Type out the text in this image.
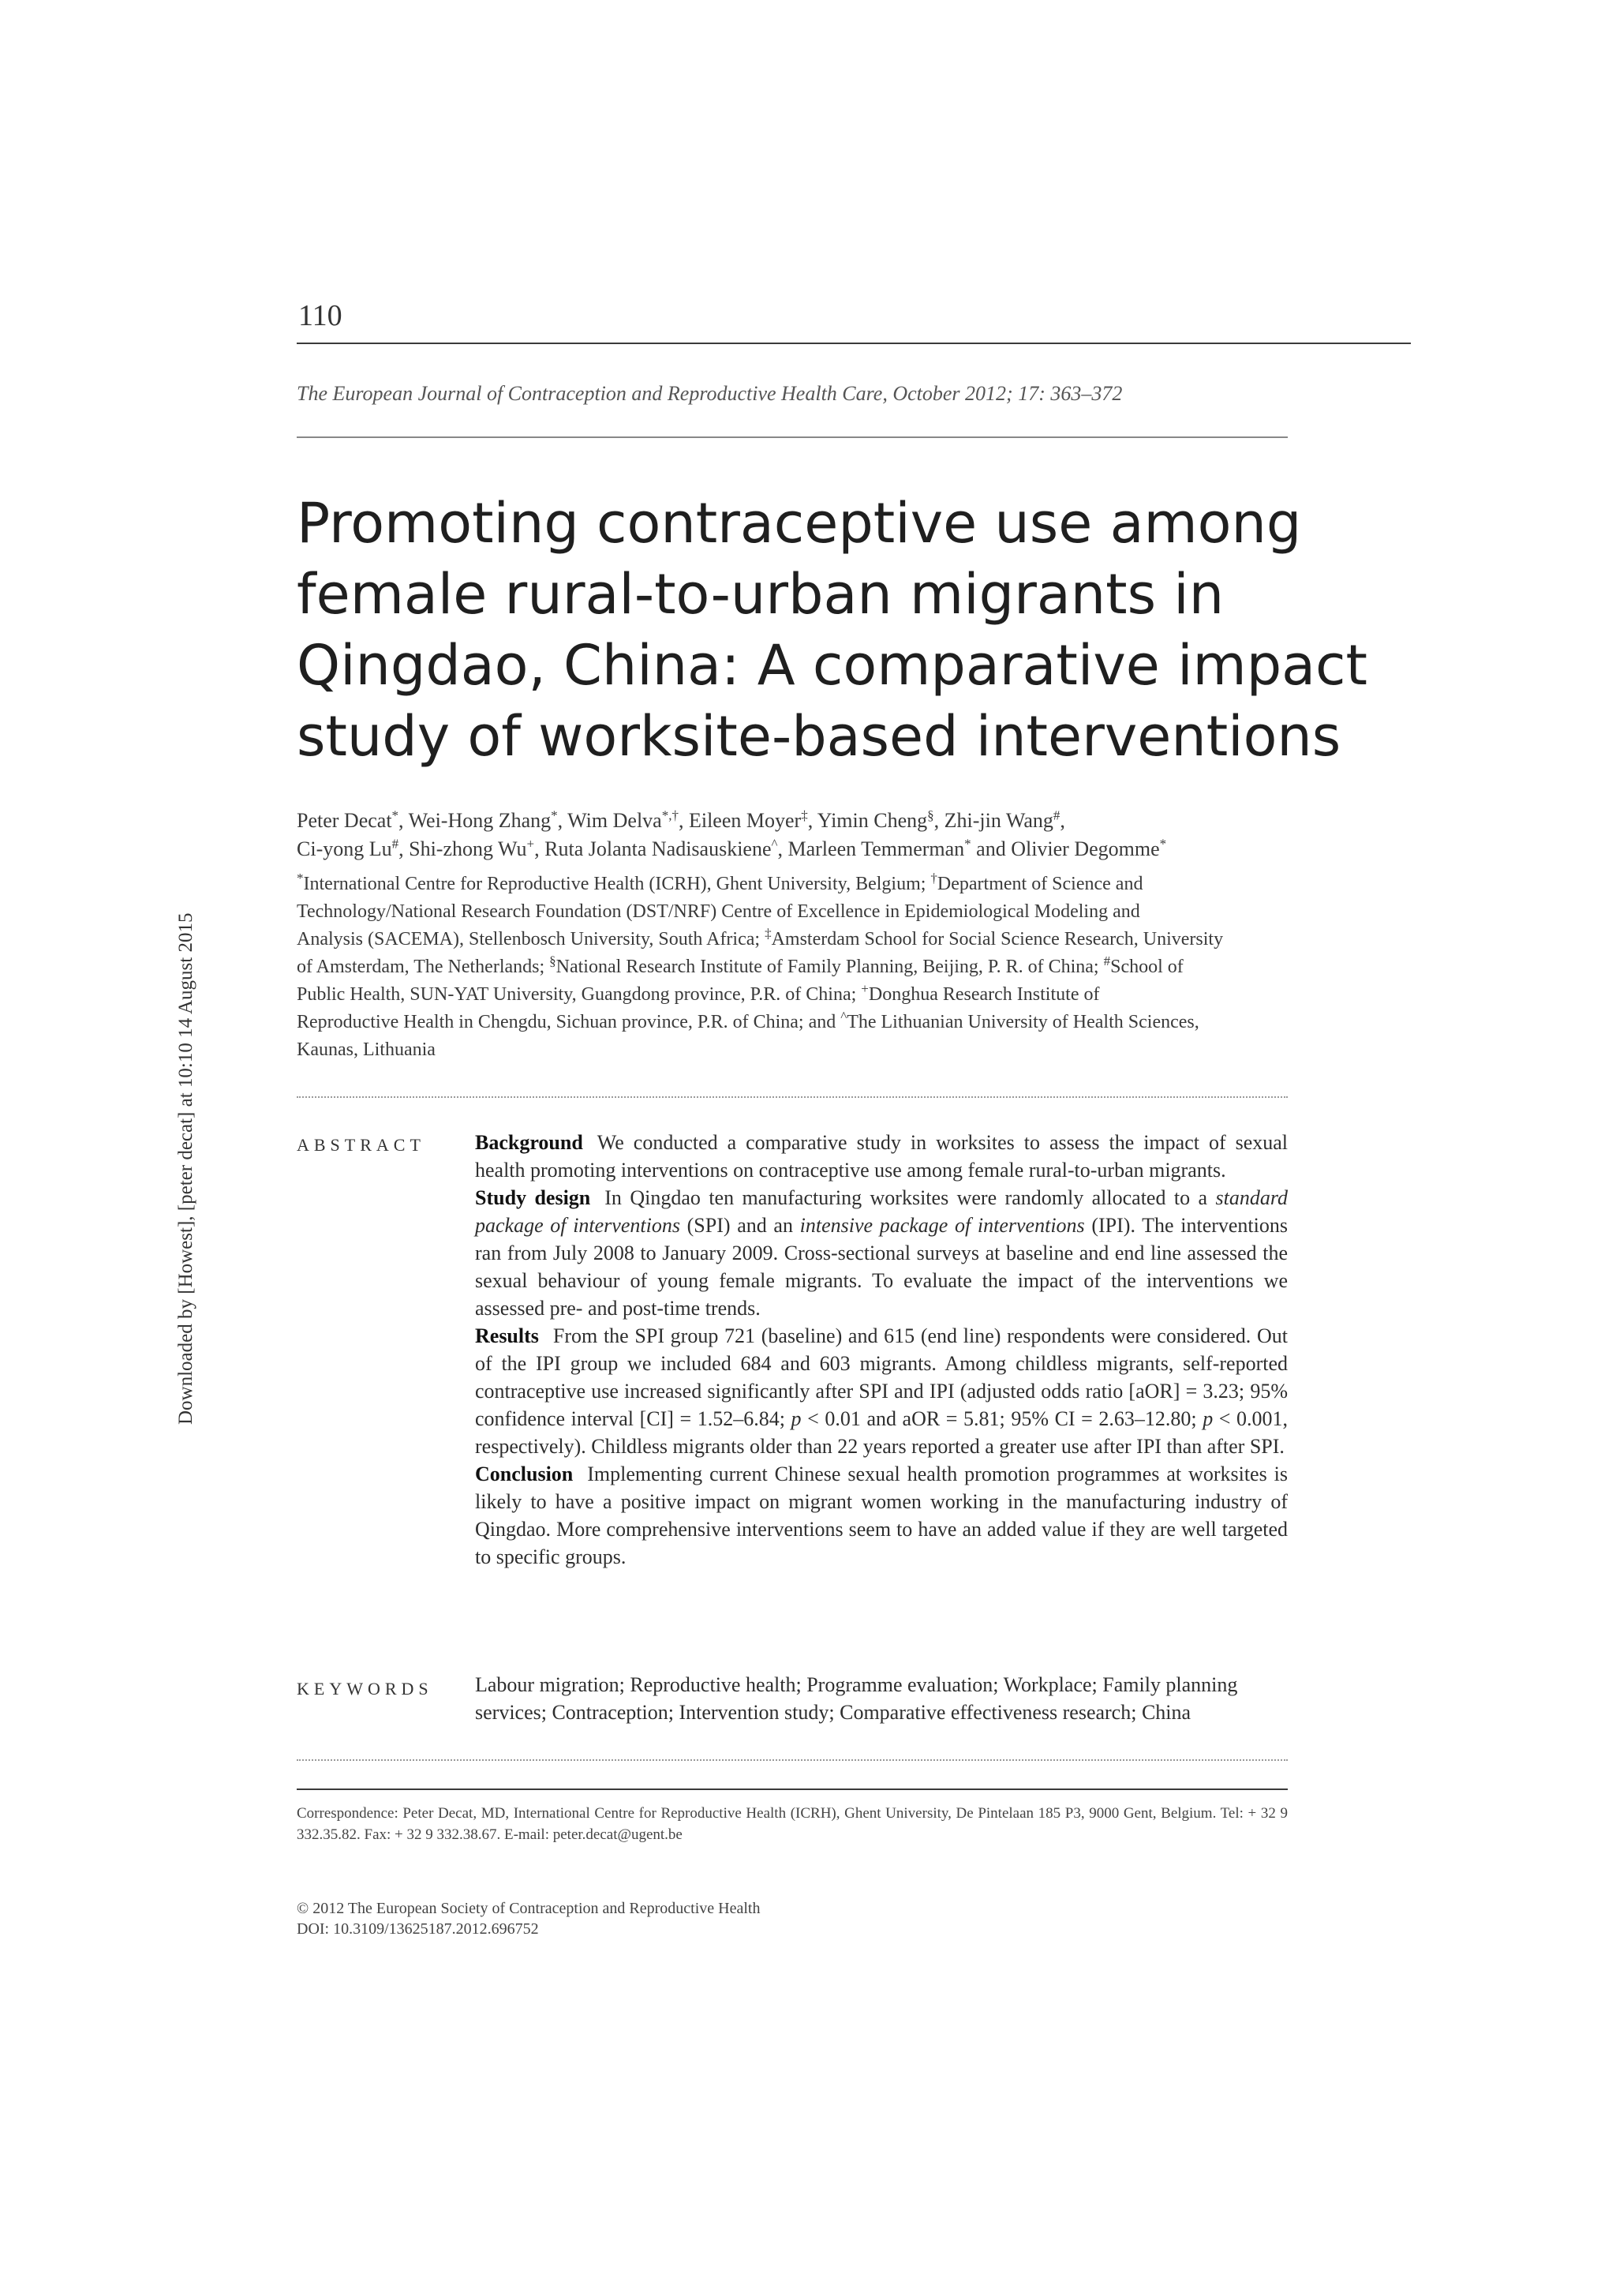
110
The European Journal of Contraception and Reproductive Health Care, October 2012; 17: 363–372
Promoting contraceptive use among
female rural-to-urban migrants in
Qingdao, China: A comparative impact
study of worksite-based interventions
Peter Decat*, Wei-Hong Zhang*, Wim Delva*,†, Eileen Moyer‡, Yimin Cheng§, Zhi-jin Wang#,
Ci-yong Lu#, Shi-zhong Wu+, Ruta Jolanta Nadisauskiene^, Marleen Temmerman* and Olivier Degomme*
*International Centre for Reproductive Health (ICRH), Ghent University, Belgium; †Department of Science and
Technology/National Research Foundation (DST/NRF) Centre of Excellence in Epidemiological Modeling and
Analysis (SACEMA), Stellenbosch University, South Africa; ‡Amsterdam School for Social Science Research, University
of Amsterdam, The Netherlands; §National Research Institute of Family Planning, Beijing, P. R. of China; #School of
Public Health, SUN-YAT University, Guangdong province, P.R. of China; +Donghua Research Institute of
Reproductive Health in Chengdu, Sichuan province, P.R. of China; and ^The Lithuanian University of Health Sciences,
Kaunas, Lithuania
ABSTRACT Background We conducted a comparative study in worksites to assess the impact of sexual health promoting interventions on contraceptive use among female rural-to-urban migrants.

Study design In Qingdao ten manufacturing worksites were randomly allocated to a standard package of interventions (SPI) and an intensive package of interventions (IPI). The interventions ran from July 2008 to January 2009. Cross-sectional surveys at baseline and end line assessed the sexual behaviour of young female migrants. To evaluate the impact of the interventions we assessed pre- and post-time trends.

Results From the SPI group 721 (baseline) and 615 (end line) respondents were considered. Out of the IPI group we included 684 and 603 migrants. Among childless migrants, self-reported contraceptive use increased significantly after SPI and IPI (adjusted odds ratio [aOR] = 3.23; 95% confidence interval [CI] = 1.52–6.84; p < 0.01 and aOR = 5.81; 95% CI = 2.63–12.80; p < 0.001, respectively). Childless migrants older than 22 years reported a greater use after IPI than after SPI.

Conclusion Implementing current Chinese sexual health promotion programmes at worksites is likely to have a positive impact on migrant women working in the manufacturing industry of Qingdao. More comprehensive interventions seem to have an added value if they are well targeted to specific groups.

KEYWORDS Labour migration; Reproductive health; Programme evaluation; Workplace; Family planning services; Contraception; Intervention study; Comparative effectiveness research; China
Correspondence: Peter Decat, MD, International Centre for Reproductive Health (ICRH), Ghent University, De Pintelaan 185 P3, 9000 Gent, Belgium. Tel: + 32 9 332.35.82. Fax: + 32 9 332.38.67. E-mail: peter.decat@ugent.be
© 2012 The European Society of Contraception and Reproductive Health
DOI: 10.3109/13625187.2012.696752
Downloaded by [Howest], [peter decat] at 10:10 14 August 2015
